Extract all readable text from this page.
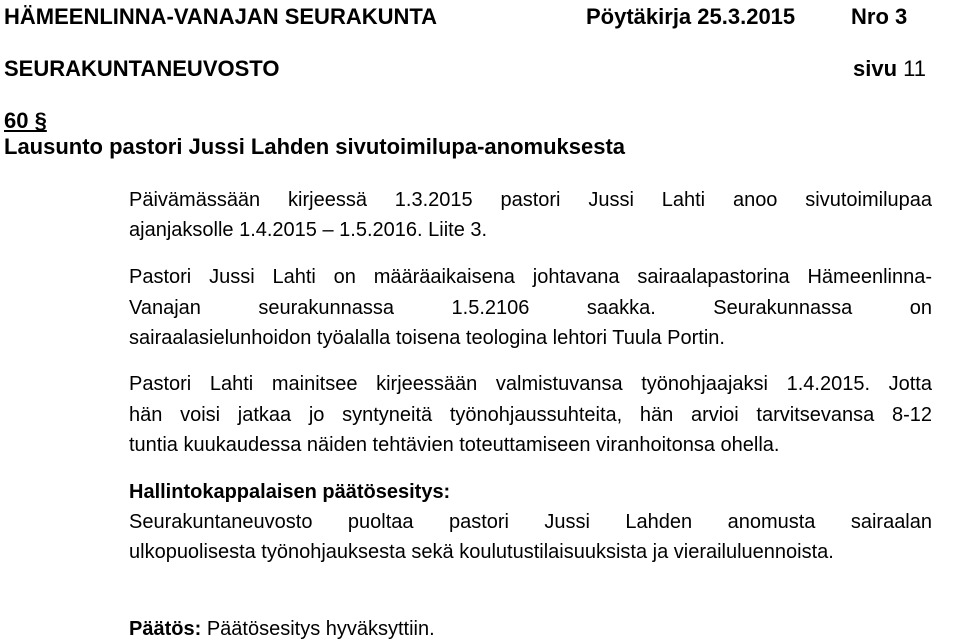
HÄMEENLINNA-VANAJAN SEURAKUNTA	Pöytäkirja 25.3.2015	Nro 3
SEURAKUNTANEUVOSTO	sivu 11
60 §
Lausunto pastori Jussi Lahden sivutoimilupa-anomuksesta
Päivämässään kirjeessä 1.3.2015 pastori Jussi Lahti anoo sivutoimilupaa
ajanjaksolle 1.4.2015 – 1.5.2016. Liite 3.
Pastori Jussi Lahti on määräaikaisena johtavana sairaalapastorina Hämeenlinna-
Vanajan seurakunnassa 1.5.2106 saakka. Seurakunnassa on
sairaalasielunhoidon työalalla toisena teologina lehtori Tuula Portin.
Pastori Lahti mainitsee kirjeessään valmistuvansa työnohjaajaksi 1.4.2015. Jotta
hän voisi jatkaa jo syntyneitä työnohjaussuhteita, hän arvioi tarvitsevansa 8-12
tuntia kuukaudessa näiden tehtävien toteuttamiseen viranhoitonsa ohella.
Hallintokappalaisen päätösesitys:
Seurakuntaneuvosto puoltaa pastori Jussi Lahden anomusta sairaalan
ulkopuolisesta työnohjauksesta sekä koulutustilaisuuksista ja vierailuluennoista.
Päätös: Päätösesitys hyväksyttiin.
